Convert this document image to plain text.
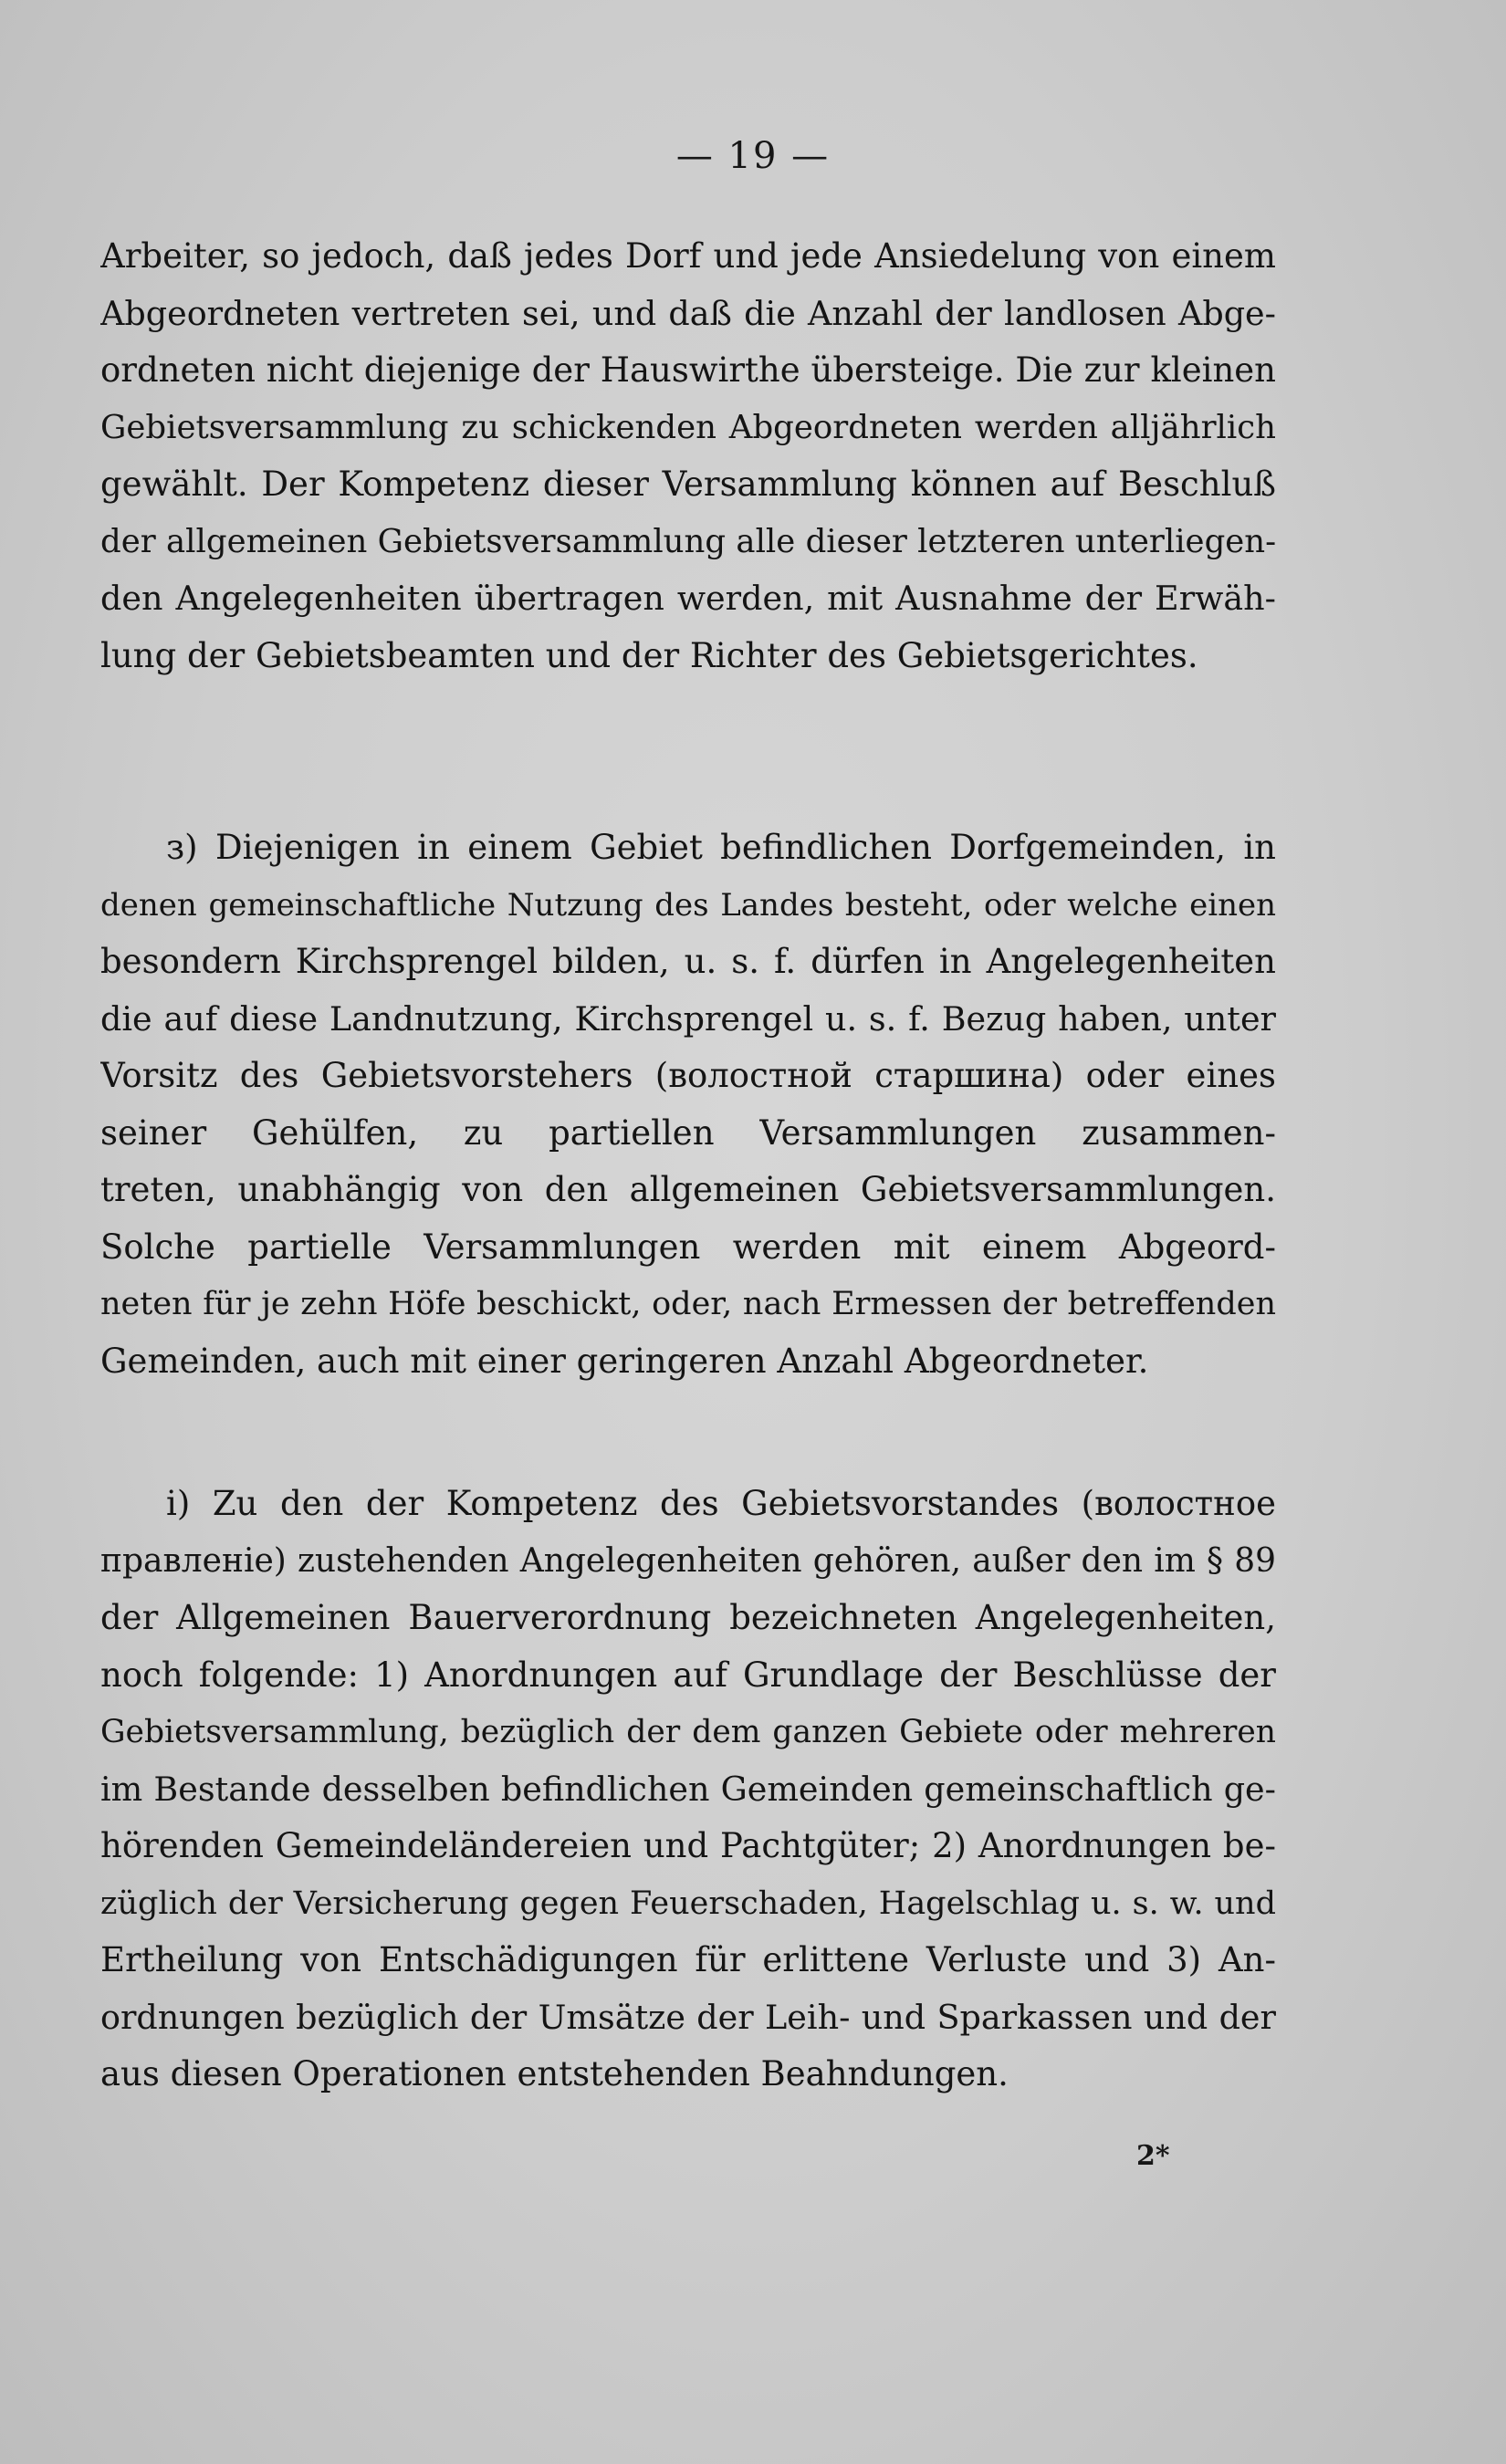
— 19 —
Arbeiter, so jedoch, daß jedes Dorf und jede Ansiedelung von einem
Abgeordneten vertreten sei, und daß die Anzahl der landlosen Abge-
ordneten nicht diejenige der Hauswirthe übersteige. Die zur kleinen
Gebietsversammlung zu schickenden Abgeordneten werden alljährlich
gewählt. Der Kompetenz dieser Versammlung können auf Beschluß
der allgemeinen Gebietsversammlung alle dieser letzteren unterliegen-
den Angelegenheiten übertragen werden, mit Ausnahme der Erwäh-
lung der Gebietsbeamten und der Richter des Gebietsgerichtes.
з) Diejenigen in einem Gebiet befindlichen Dorfgemeinden, in
denen gemeinschaftliche Nutzung des Landes besteht, oder welche einen
besondern Kirchsprengel bilden, u. s. f. dürfen in Angelegenheiten
die auf diese Landnutzung, Kirchsprengel u. s. f. Bezug haben, unter
Vorsitz des Gebietsvorstehers (волостной старшина) oder eines
seiner Gehülfen, zu partiellen Versammlungen zusammen-
treten, unabhängig von den allgemeinen Gebietsversammlungen.
Solche partielle Versammlungen werden mit einem Abgeord-
neten für je zehn Höfe beschickt, oder, nach Ermessen der betreffenden
Gemeinden, auch mit einer geringeren Anzahl Abgeordneter.
i) Zu den der Kompetenz des Gebietsvorstandes (волостное
правленіе) zustehenden Angelegenheiten gehören, außer den im § 89
der Allgemeinen Bauerverordnung bezeichneten Angelegenheiten,
noch folgende: 1) Anordnungen auf Grundlage der Beschlüsse der
Gebietsversammlung, bezüglich der dem ganzen Gebiete oder mehreren
im Bestande desselben befindlichen Gemeinden gemeinschaftlich ge-
hörenden Gemeindeländereien und Pachtgüter; 2) Anordnungen be-
züglich der Versicherung gegen Feuerschaden, Hagelschlag u. s. w. und
Ertheilung von Entschädigungen für erlittene Verluste und 3) An-
ordnungen bezüglich der Umsätze der Leih- und Sparkassen und der
aus diesen Operationen entstehenden Beahndungen.
2*
